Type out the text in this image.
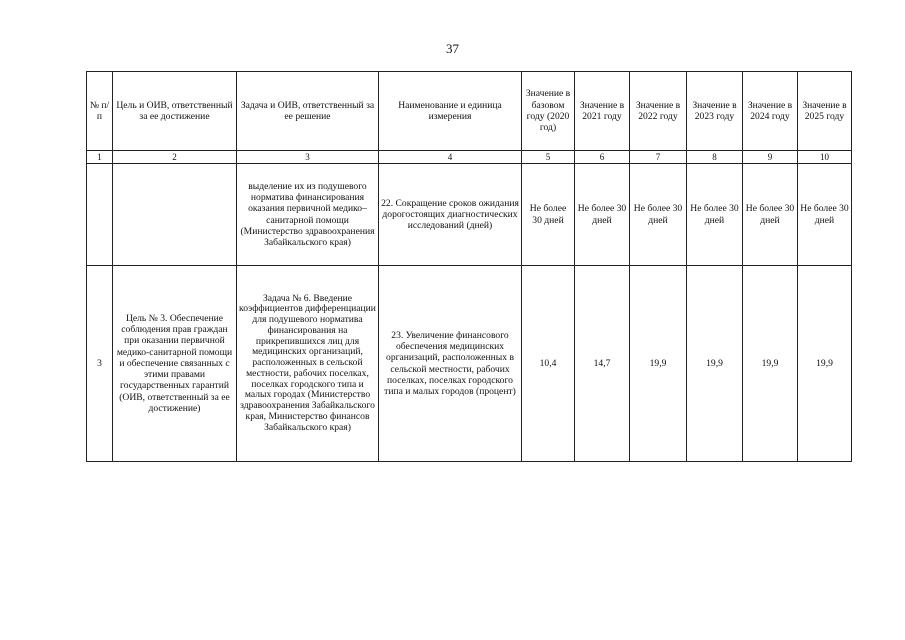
37
№ п/п	Цель и ОИВ, ответственный за ее достижение	Задача и ОИВ, ответственный за ее решение	Наименование и единица измерения	Значение в базовом году (2020 год)	Значение в 2021 году	Значение в 2022 году	Значение в 2023 году	Значение в 2024 году	Значение в 2025 году
1	2	3	4	5	6	7	8	9	10
		выделение их из подушевого норматива финансирования оказания первичной медико–санитарной помощи (Министерство здравоохранения Забайкальского края)	22. Сокращение сроков ожидания дорогостоящих диагностических исследований (дней)	Не более 30 дней	Не более 30 дней	Не более 30 дней	Не более 30 дней	Не более 30 дней	Не более 30 дней
3	Цель № 3. Обеспечение соблюдения прав граждан при оказании первичной медико-санитарной помощи и обеспечение связанных с этими правами государственных гарантий (ОИВ, ответственный за ее достижение)	Задача № 6. Введение коэффициентов дифференциации для подушевого норматива финансирования на прикрепившихся лиц для медицинских организаций, расположенных в сельской местности, рабочих поселках, поселках городского типа и малых городах (Министерство здравоохранения Забайкальского края, Министерство финансов Забайкальского края)	23. Увеличение финансового обеспечения медицинских организаций, расположенных в сельской местности, рабочих поселках, поселках городского типа и малых городов (процент)	10,4	14,7	19,9	19,9	19,9	19,9
